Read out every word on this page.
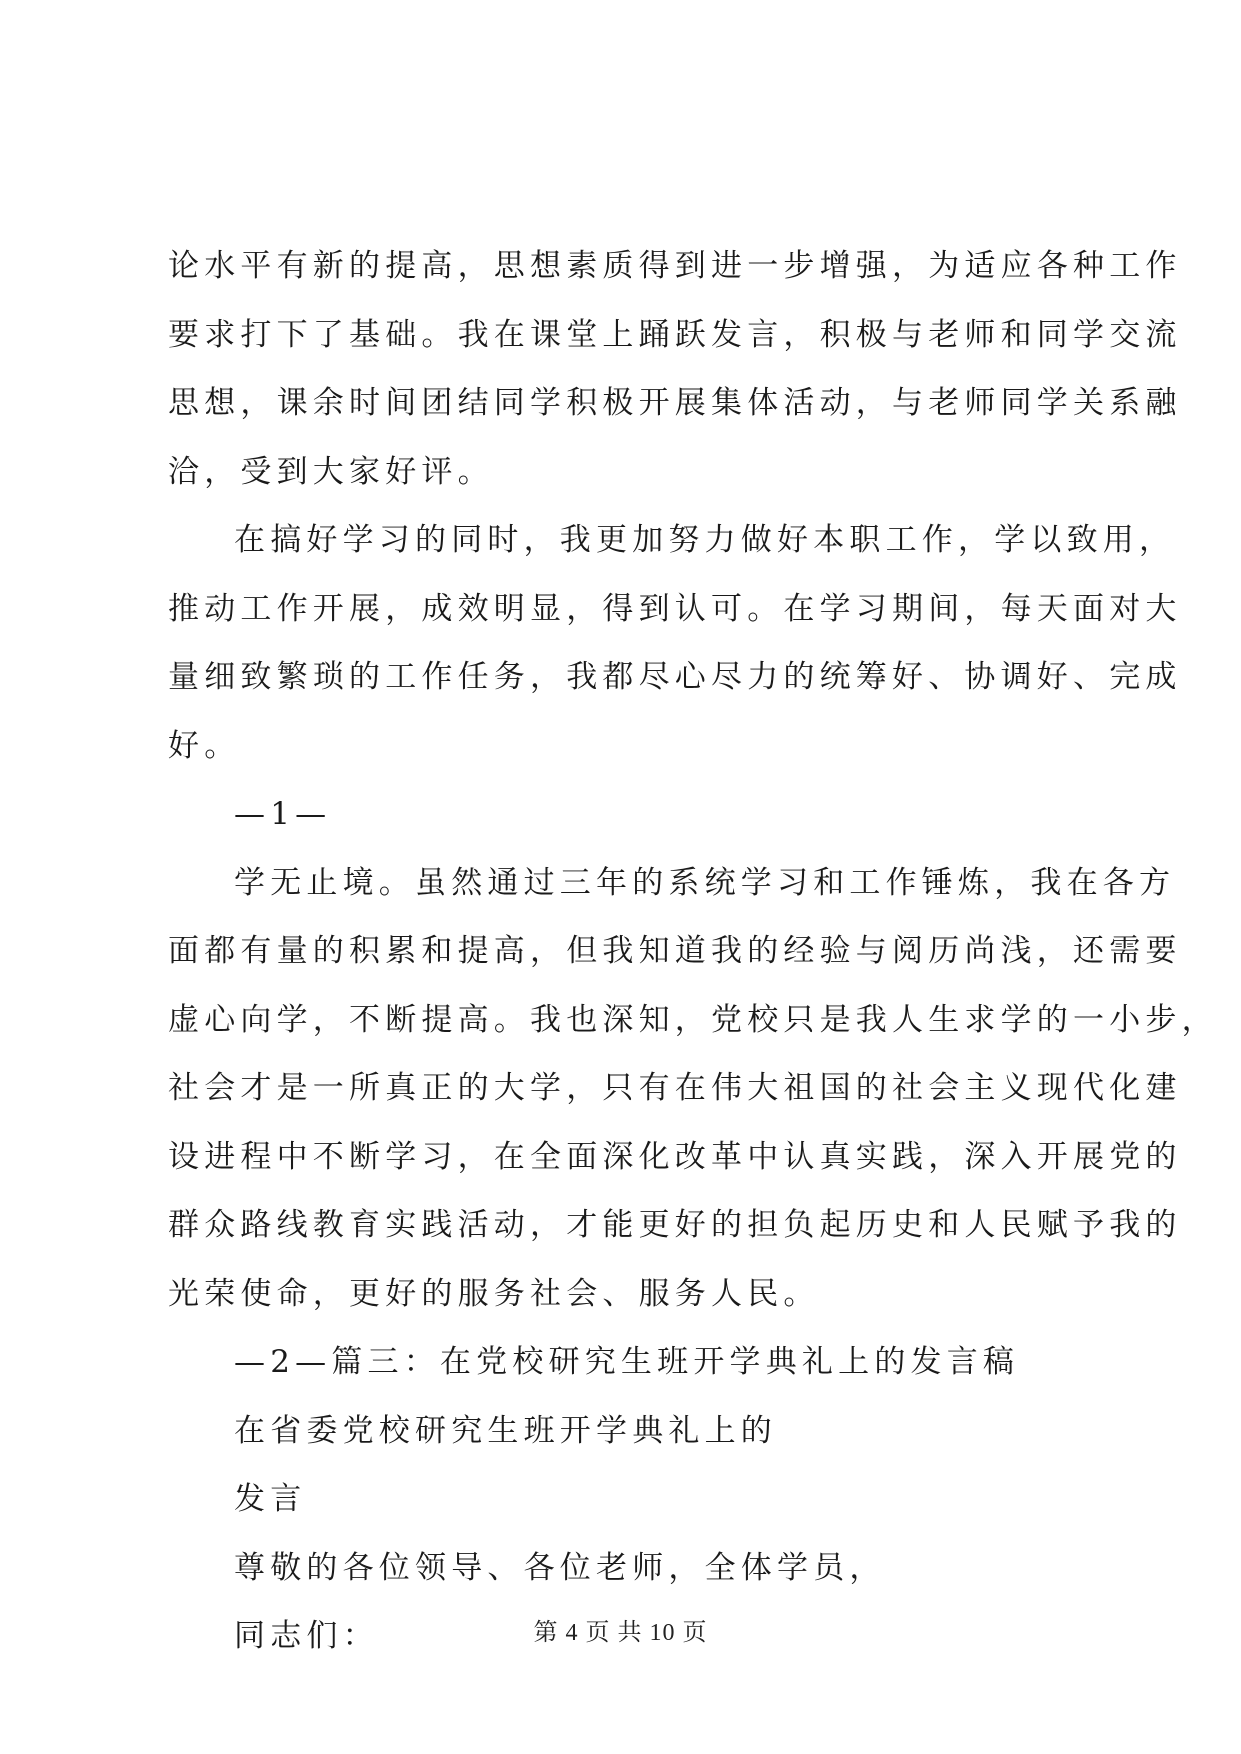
论水平有新的提高，思想素质得到进一步增强，为适应各种工作
要求打下了基础。我在课堂上踊跃发言，积极与老师和同学交流
思想，课余时间团结同学积极开展集体活动，与老师同学关系融
洽，受到大家好评。
在搞好学习的同时，我更加努力做好本职工作，学以致用，
推动工作开展，成效明显，得到认可。在学习期间，每天面对大
量细致繁琐的工作任务，我都尽心尽力的统筹好、协调好、完成
好。
—1—
学无止境。虽然通过三年的系统学习和工作锤炼，我在各方
面都有量的积累和提高，但我知道我的经验与阅历尚浅，还需要
虚心向学，不断提高。我也深知，党校只是我人生求学的一小步，
社会才是一所真正的大学，只有在伟大祖国的社会主义现代化建
设进程中不断学习，在全面深化改革中认真实践，深入开展党的
群众路线教育实践活动，才能更好的担负起历史和人民赋予我的
光荣使命，更好的服务社会、服务人民。
—2—篇三：在党校研究生班开学典礼上的发言稿
在省委党校研究生班开学典礼上的
发言
尊敬的各位领导、各位老师，全体学员，
同志们：	第 4 页 共 10 页
